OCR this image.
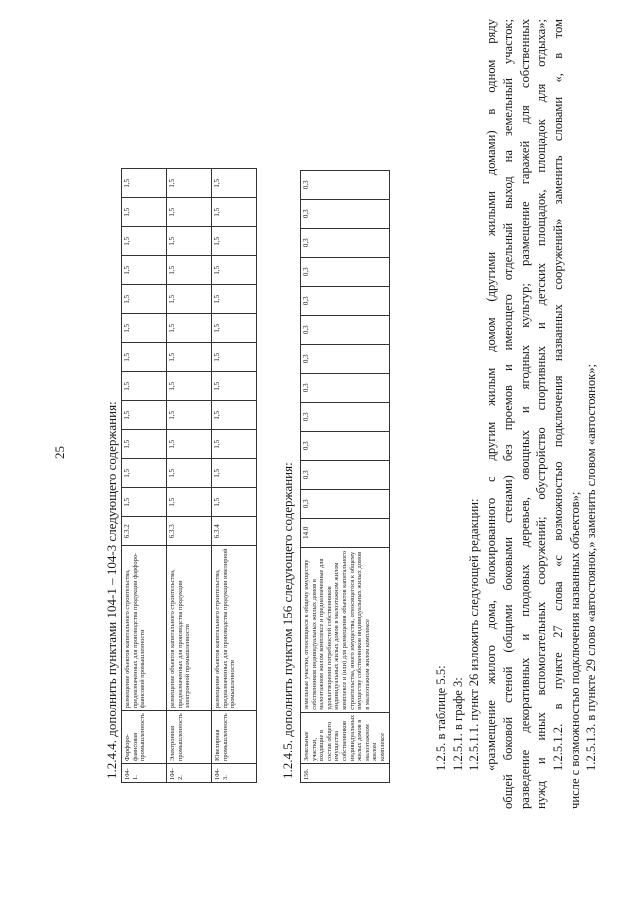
25	1.2.4.4. дополнить пунктами 104-1 – 104-3 следующего содержания: 104-1.	Фарфоро-фаянсовая промышленность	размещение объектов капитального строительства, предназначенных для производства продукции фарфоро-фаянсовой промышленности	6.3.2	1,5	1,5	1,5	1,5	1,5	1,5	1,5	1,5	1,5	1,5	1,5	1,5
104-2.	Электронная промышленность	размещение объектов капитального строительства, предназначенных для производства продукции электронной промышленности	6.3.3	1,5	1,5	1,5	1,5	1,5	1,5	1,5	1,5	1,5	1,5	1,5	1,5
104-3.	Ювелирная промышленность	размещение объектов капитального строительства, предназначенных для производства продукции ювелирной промышленности	6.3.4	1,5	1,5	1,5	1,5	1,5	1,5	1,5	1,5	1,5	1,5	1,5	1,5
1.2.4.5. дополнить пунктом 156 следующего содержания: 156.	Земельные участки, входящие в состав общего имущества собственников индивидуальных жилых домов в малоэтажном жилом комплексе	земельные участки, относящиеся к общему имуществу собственников индивидуальных жилых домов в малоэтажном жилом комплексе и предназначенные для удовлетворения потребностей собственников индивидуальных жилых домов в малоэтажном жилом комплексе и (или) для размещения объектов капитального строительства, иного имущества, относящегося к общему имуществу собственников индивидуальных жилых домов в малоэтажном жилом комплексе	14.0	0,3	0,3	0,3	0,3	0,3	0,3	0,3	0,3	0,3	0,3	0,3	0,3

1.2.5. в таблице 5.5: 1.2.5.1. в графе 3: 1.2.5.1.1. пункт 26 изложить следующей редакции: «размещение жилого дома, блокированного с другим жилым домом (другими жилыми домами) в одном ряду общей боковой стеной (общими боковыми стенами) без проемов и имеющего отдельный выход на земельный участок; разведение декоративных и плодовых деревьев, овощных и ягодных культур; размещение гаражей для собственных нужд и иных вспомогательных сооружений; обустройство спортивных и детских площадок, площадок для отдыха»; 1.2.5.1.2. в пункте 27 слова «с возможностью подключения названных сооружений» заменить словами «, в том числе с возможностью подключения названных объектов»; 1.2.5.1.3. в пункте 29 слово «автостоянок,» заменить словом «автостоянок»;
